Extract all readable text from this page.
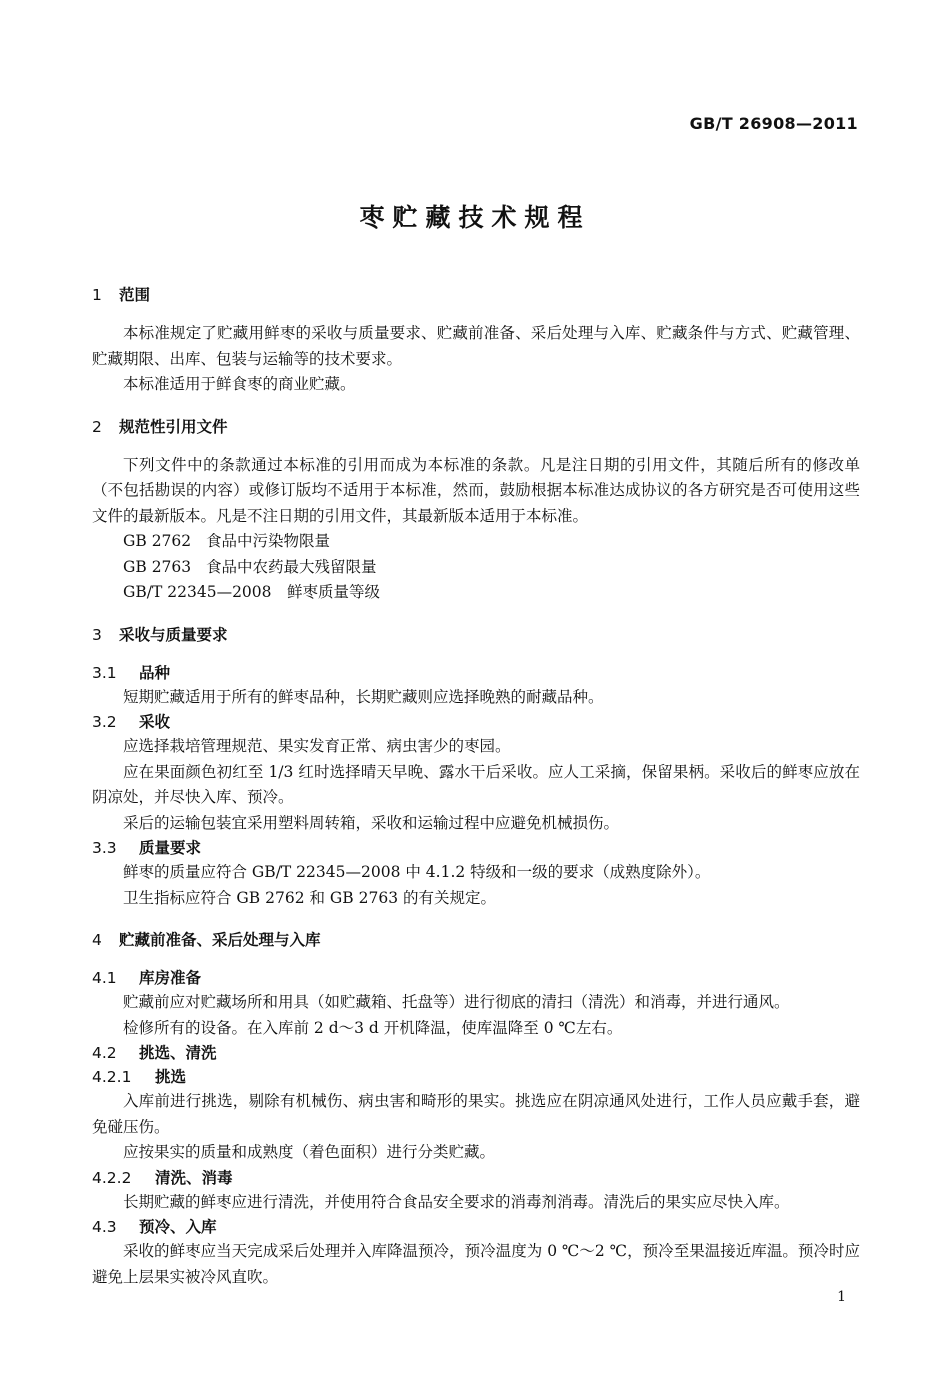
GB/T 26908—2011
枣贮藏技术规程
1 范围
本标准规定了贮藏用鲜枣的采收与质量要求、贮藏前准备、采后处理与入库、贮藏条件与方式、贮藏管理、贮藏期限、出库、包装与运输等的技术要求。
本标准适用于鲜食枣的商业贮藏。
2 规范性引用文件
下列文件中的条款通过本标准的引用而成为本标准的条款。凡是注日期的引用文件，其随后所有的修改单（不包括勘误的内容）或修订版均不适用于本标准，然而，鼓励根据本标准达成协议的各方研究是否可使用这些文件的最新版本。凡是不注日期的引用文件，其最新版本适用于本标准。
GB 2762 食品中污染物限量
GB 2763 食品中农药最大残留限量
GB/T 22345—2008 鲜枣质量等级
3 采收与质量要求
3.1 品种
短期贮藏适用于所有的鲜枣品种，长期贮藏则应选择晚熟的耐藏品种。
3.2 采收
应选择栽培管理规范、果实发育正常、病虫害少的枣园。
应在果面颜色初红至 1/3 红时选择晴天早晚、露水干后采收。应人工采摘，保留果柄。采收后的鲜枣应放在阴凉处，并尽快入库、预冷。
采后的运输包装宜采用塑料周转箱，采收和运输过程中应避免机械损伤。
3.3 质量要求
鲜枣的质量应符合 GB/T 22345—2008 中 4.1.2 特级和一级的要求（成熟度除外）。
卫生指标应符合 GB 2762 和 GB 2763 的有关规定。
4 贮藏前准备、采后处理与入库
4.1 库房准备
贮藏前应对贮藏场所和用具（如贮藏箱、托盘等）进行彻底的清扫（清洗）和消毒，并进行通风。
检修所有的设备。在入库前 2 d～3 d 开机降温，使库温降至 0 ℃左右。
4.2 挑选、清洗
4.2.1 挑选
入库前进行挑选，剔除有机械伤、病虫害和畸形的果实。挑选应在阴凉通风处进行，工作人员应戴手套，避免碰压伤。
应按果实的质量和成熟度（着色面积）进行分类贮藏。
4.2.2 清洗、消毒
长期贮藏的鲜枣应进行清洗，并使用符合食品安全要求的消毒剂消毒。清洗后的果实应尽快入库。
4.3 预冷、入库
采收的鲜枣应当天完成采后处理并入库降温预冷，预冷温度为 0 ℃～2 ℃，预冷至果温接近库温。预冷时应避免上层果实被冷风直吹。
1
